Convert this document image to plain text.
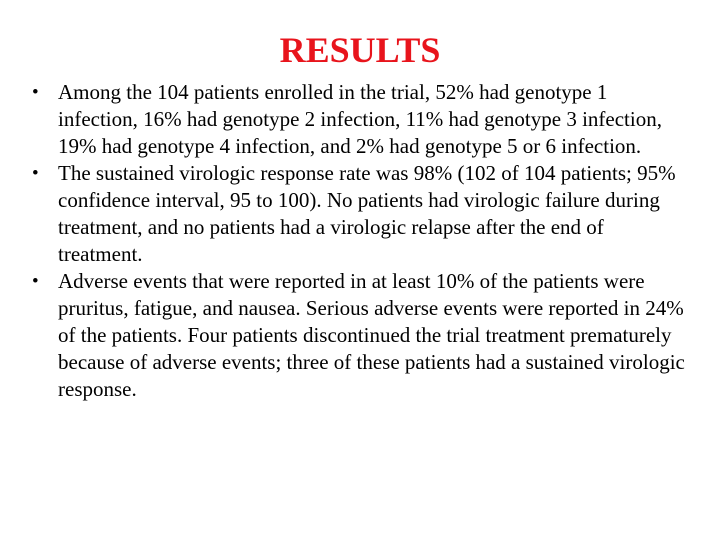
RESULTS
• Among the 104 patients enrolled in the trial, 52% had genotype 1 infection, 16% had genotype 2 infection, 11% had genotype 3 infection, 19% had genotype 4 infection, and 2% had genotype 5 or 6 infection.
• The sustained virologic response rate was 98% (102 of 104 patients; 95% confidence interval, 95 to 100). No patients had virologic failure during treatment, and no patients had a virologic relapse after the end of treatment.
• Adverse events that were reported in at least 10% of the patients were pruritus, fatigue, and nausea. Serious adverse events were reported in 24% of the patients. Four patients discontinued the trial treatment prematurely because of adverse events; three of these patients had a sustained virologic response.
